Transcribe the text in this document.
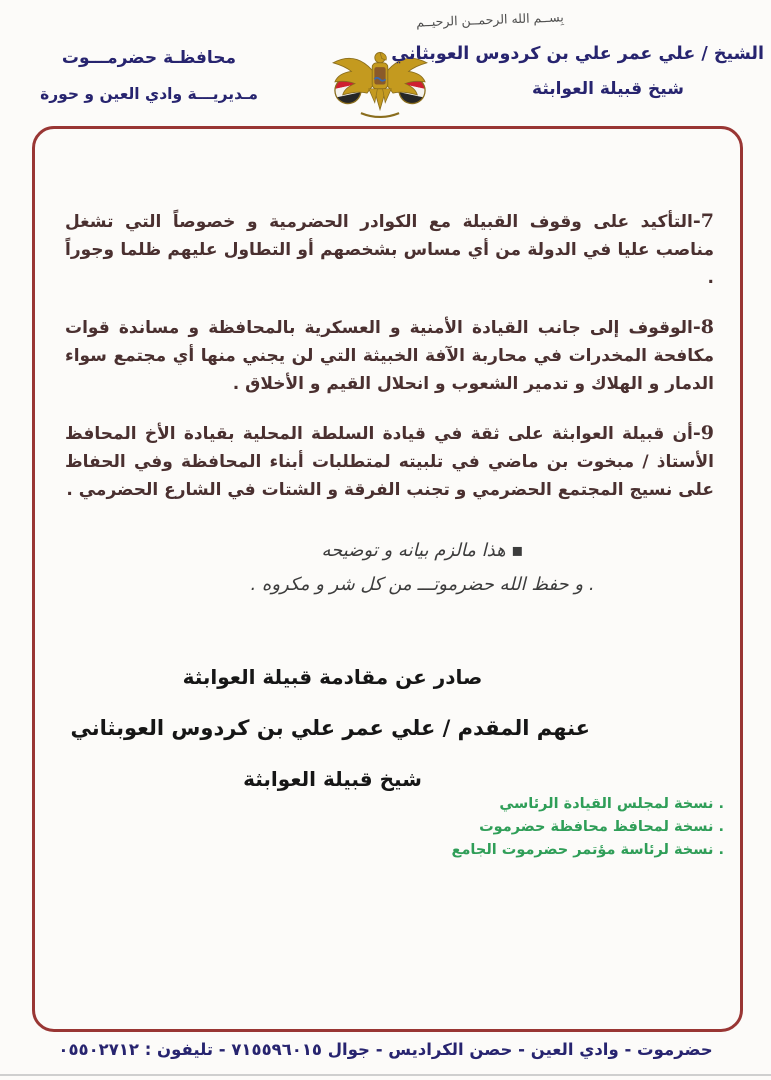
محافظـة حضرمـــوت
مـديريـــة وادي العين و حورة
بِســم الله الرحمــن الرحيــم
الشيخ / علي عمر علي بن كردوس العوبثاني
شيخ قبيلة العوابثة

7-التأكيد على وقوف القبيلة مع الكوادر الحضرمية و خصوصاً التي تشغل مناصب عليا في الدولة من أي مساس بشخصهم أو التطاول عليهم ظلما وجوراً .

8-الوقوف إلى جانب القيادة الأمنية و العسكرية بالمحافظة و مساندة قوات مكافحة المخدرات في محاربة الآفة الخبيثة التي لن يجني منها أي مجتمع سواء الدمار و الهلاك و تدمير الشعوب و انحلال القيم و الأخلاق .

9-أن قبيلة العوابثة على ثقة في قيادة السلطة المحلية بقيادة الأخ المحافظ الأستاذ / مبخوت بن ماضي في تلبيته لمتطلبات أبناء المحافظة وفي الحفاظ على نسيج المجتمع الحضرمي و تجنب الفرقة و الشتات في الشارع الحضرمي .

▪ هذا مالزم بيانه و توضيحه
. و حفظ الله حضرموتـــ من كل شر و مكروه .
صادر عن مقادمة قبيلة العوابثة
عنهم المقدم / علي عمر علي بن كردوس العوبثاني
شيخ قبيلة العوابثة
. نسخة لمجلس القيادة الرئاسي
. نسخة لمحافظ محافظة حضرموت
. نسخة لرئاسة مؤتمر حضرموت الجامع
حضرموت - وادي العين - حصن الكراديس - جوال ٧١٥٥٩٦٠١٥ - تليفون : ٠٥٥٠٢٧١٢
